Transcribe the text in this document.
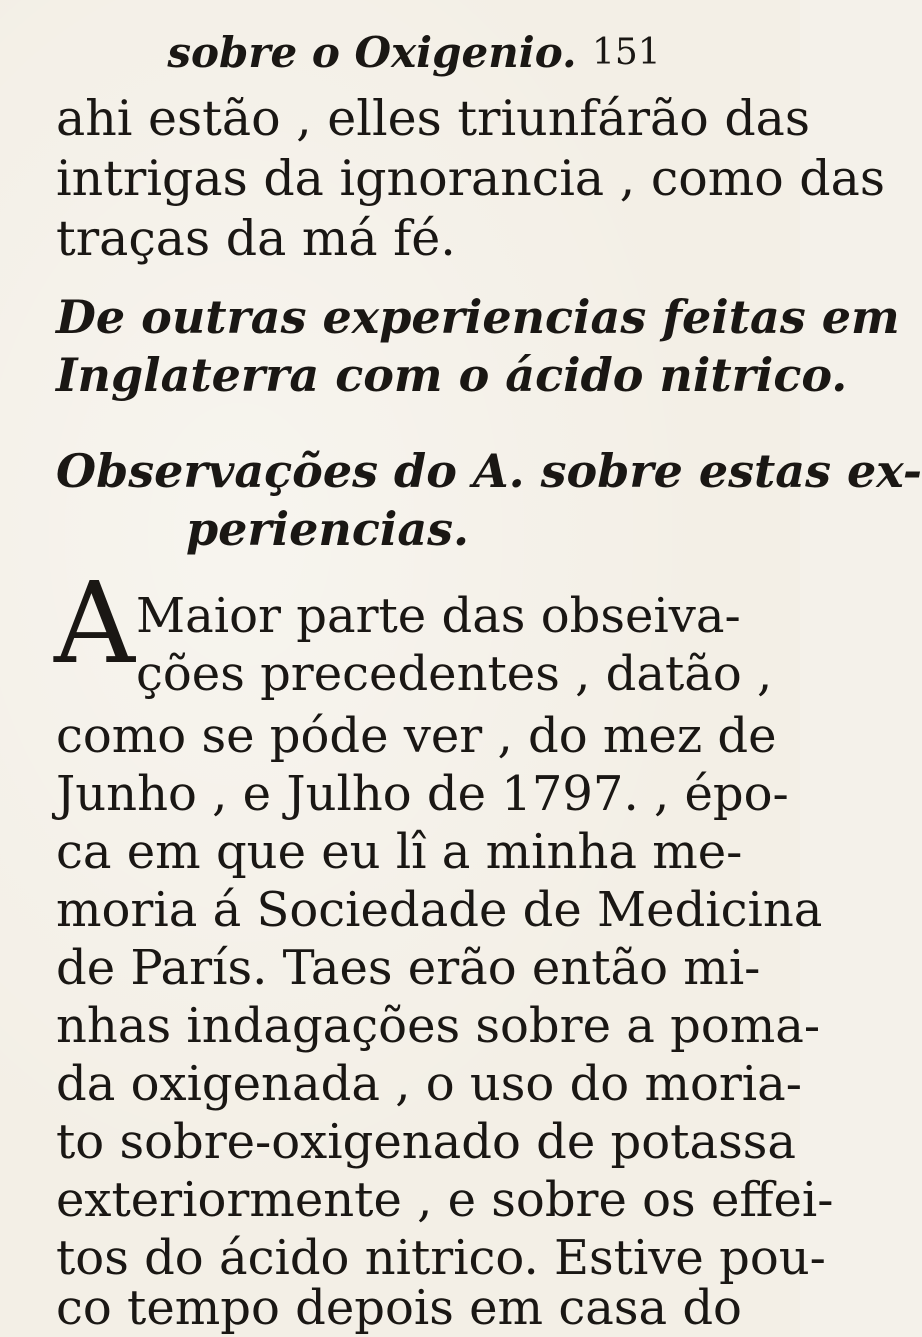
sobre o Oxigenio. 151
ahi estão , elles triunfárão das
intrigas da ignorancia , como das
traças da má fé.
De outras experiencias feitas em
Inglaterra com o ácido nitrico.
Observações do A. sobre estas ex-
periencias.
A Maior parte das obseiva-
ções precedentes , datão ,
como se póde ver , do mez de
Junho , e Julho de 1797. , épo-
ca em que eu lî a minha me-
moria á Sociedade de Medicina
de París. Taes erão então mi-
nhas indagações sobre a poma-
da oxigenada , o uso do moria-
to sobre-oxigenado de potassa
exteriormente , e sobre os effei-
tos do ácido nitrico. Estive pou-
co tempo depois em casa do
